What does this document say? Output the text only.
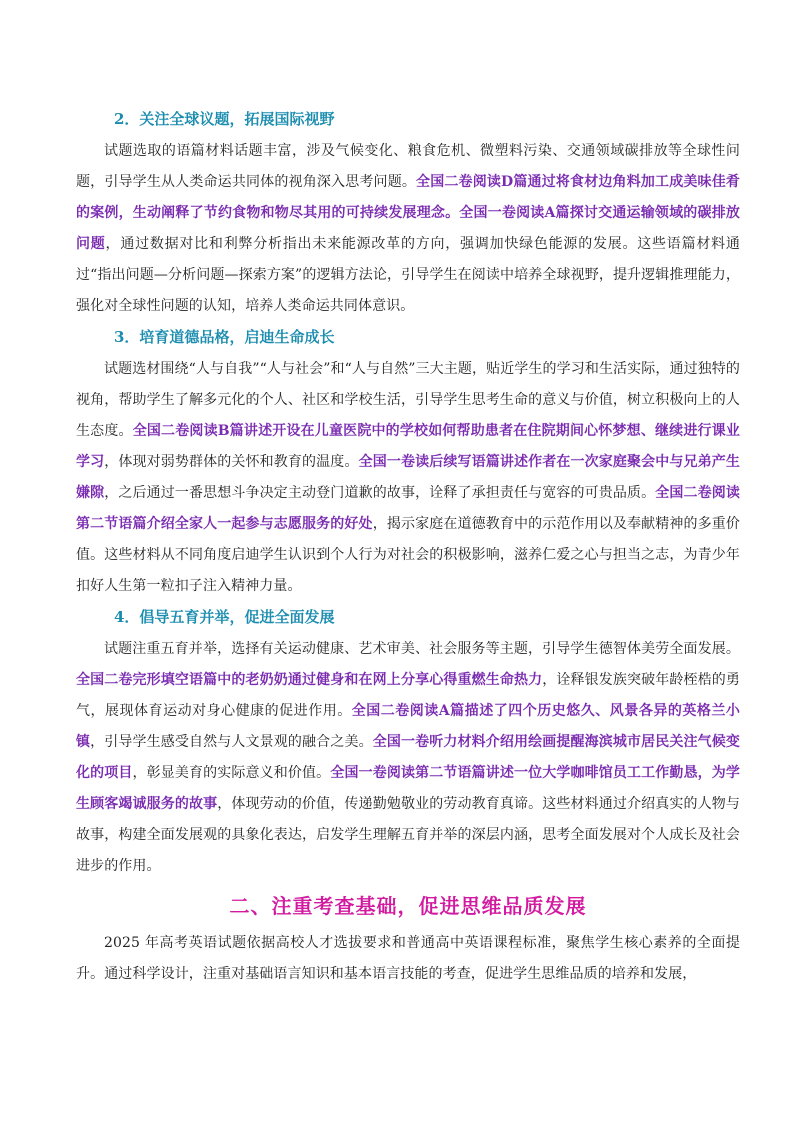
2．关注全球议题，拓展国际视野

试题选取的语篇材料话题丰富，涉及气候变化、粮食危机、微塑料污染、交通领域碳排放等全球性问题，引导学生从人类命运共同体的视角深入思考问题。全国二卷阅读D篇通过将食材边角料加工成美味佳肴的案例，生动阐释了节约食物和物尽其用的可持续发展理念。全国一卷阅读A篇探讨交通运输领域的碳排放问题，通过数据对比和利弊分析指出未来能源改革的方向，强调加快绿色能源的发展。这些语篇材料通过“指出问题—分析问题—探索方案”的逻辑方法论，引导学生在阅读中培养全球视野，提升逻辑推理能力，强化对全球性问题的认知，培养人类命运共同体意识。

3．培育道德品格，启迪生命成长

试题选材围绕“人与自我”“人与社会”和“人与自然”三大主题，贴近学生的学习和生活实际，通过独特的视角，帮助学生了解多元化的个人、社区和学校生活，引导学生思考生命的意义与价值，树立积极向上的人生态度。全国二卷阅读B篇讲述开设在儿童医院中的学校如何帮助患者在住院期间心怀梦想、继续进行课业学习，体现对弱势群体的关怀和教育的温度。全国一卷读后续写语篇讲述作者在一次家庭聚会中与兄弟产生嫌隙，之后通过一番思想斗争决定主动登门道歉的故事，诠释了承担责任与宽容的可贵品质。全国二卷阅读第二节语篇介绍全家人一起参与志愿服务的好处，揭示家庭在道德教育中的示范作用以及奉献精神的多重价值。这些材料从不同角度启迪学生认识到个人行为对社会的积极影响，滋养仁爱之心与担当之志，为青少年扣好人生第一粒扣子注入精神力量。

4．倡导五育并举，促进全面发展

试题注重五育并举，选择有关运动健康、艺术审美、社会服务等主题，引导学生德智体美劳全面发展。全国二卷完形填空语篇中的老奶奶通过健身和在网上分享心得重燃生命热力，诠释银发族突破年龄桎梏的勇气，展现体育运动对身心健康的促进作用。全国二卷阅读A篇描述了四个历史悠久、风景各异的英格兰小镇，引导学生感受自然与人文景观的融合之美。全国一卷听力材料介绍用绘画提醒海滨城市居民关注气候变化的项目，彰显美育的实际意义和价值。全国一卷阅读第二节语篇讲述一位大学咖啡馆员工工作勤恳，为学生顾客竭诚服务的故事，体现劳动的价值，传递勤勉敬业的劳动教育真谛。这些材料通过介绍真实的人物与故事，构建全面发展观的具象化表达，启发学生理解五育并举的深层内涵，思考全面发展对个人成长及社会进步的作用。

二、注重考查基础，促进思维品质发展

2025 年高考英语试题依据高校人才选拔要求和普通高中英语课程标准，聚焦学生核心素养的全面提升。通过科学设计，注重对基础语言知识和基本语言技能的考查，促进学生思维品质的培养和发展，
